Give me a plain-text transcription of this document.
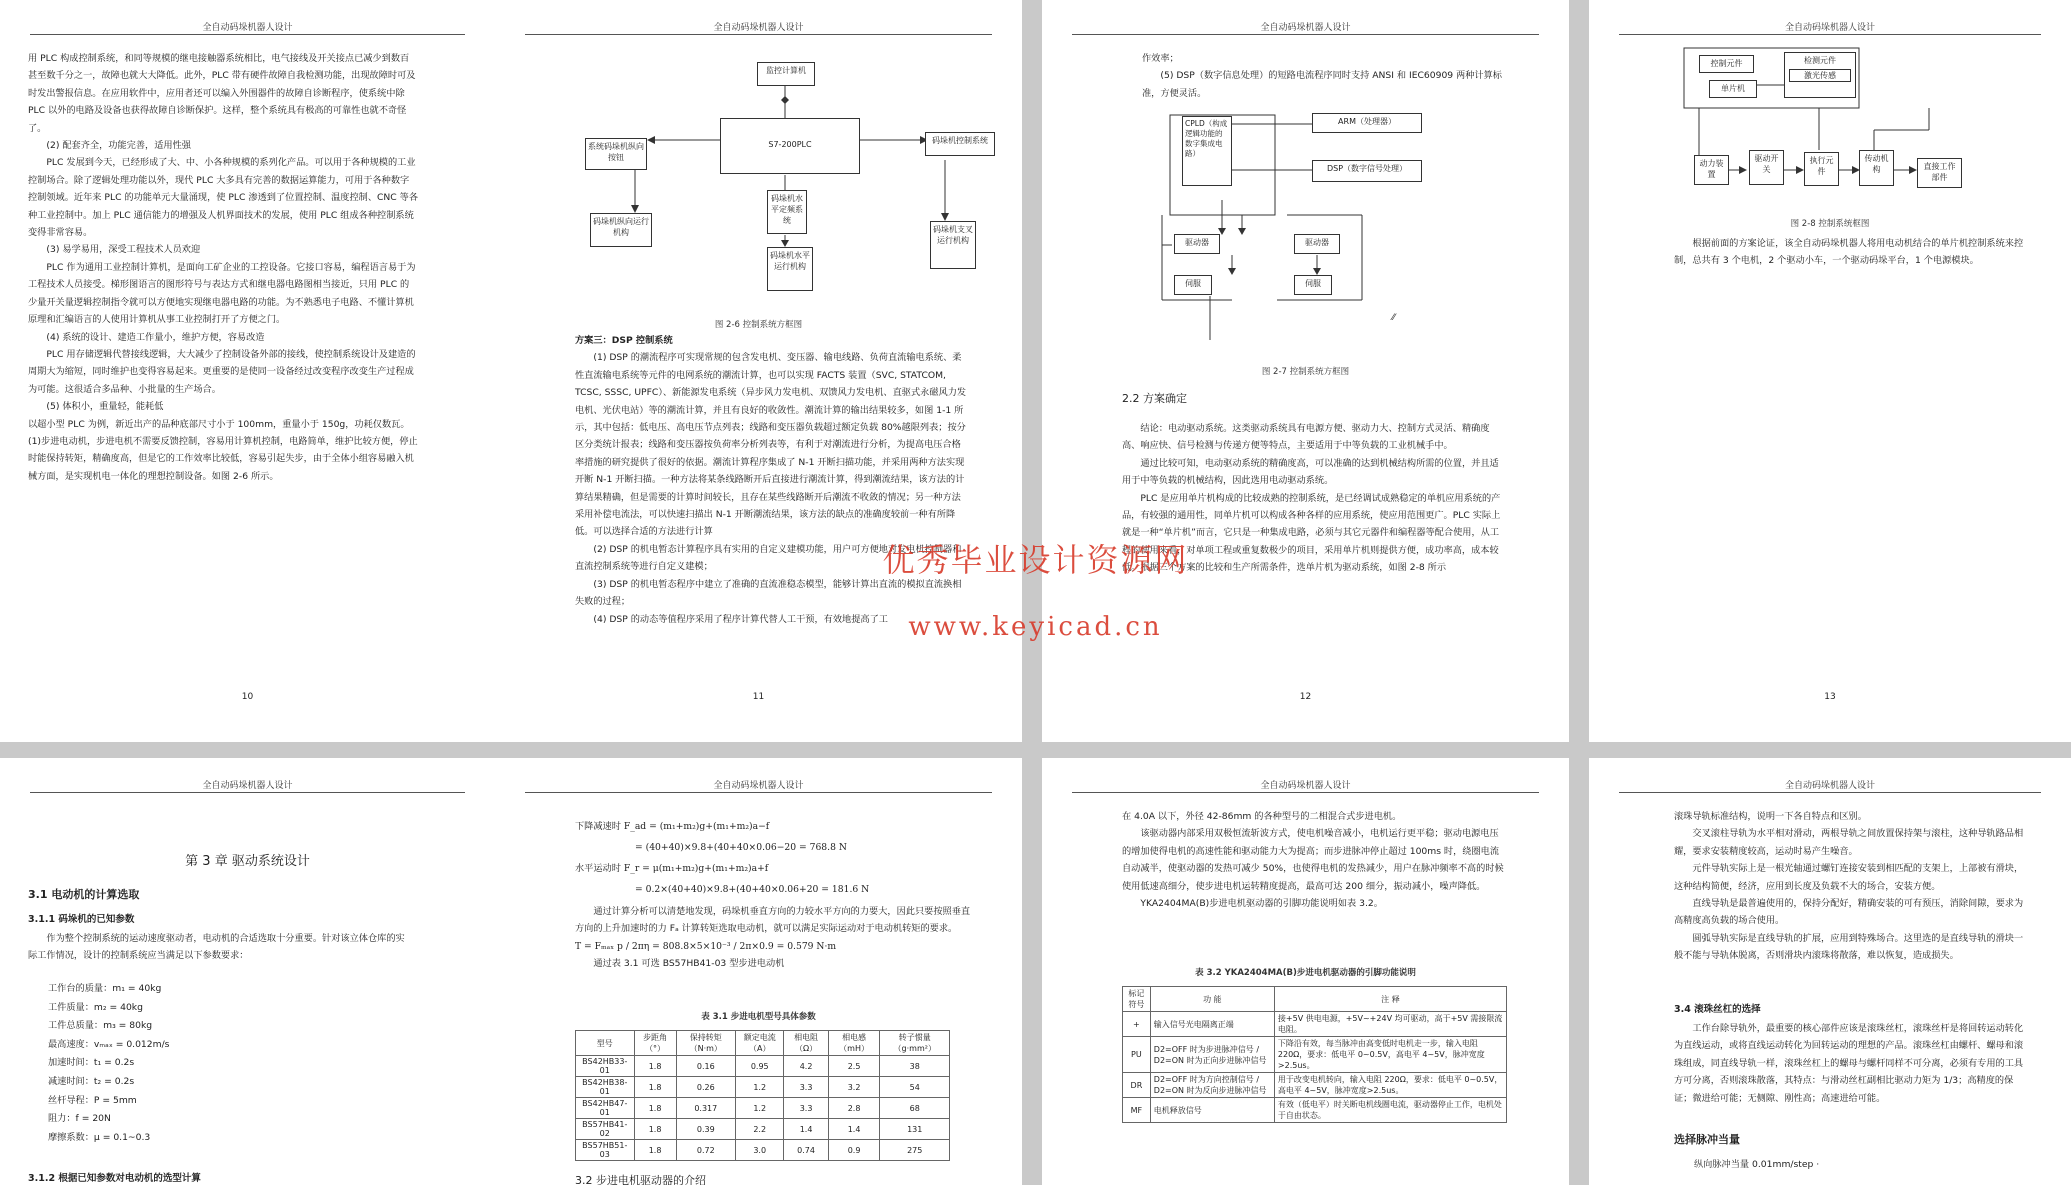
全自动码垛机器人设计

用 PLC 构成控制系统，和同等规模的继电接触器系统相比，电气接线及开关接点已减少到数百甚至数千分之一，故障也就大大降低。此外，PLC 带有硬件故障自我检测功能，出现故障时可及时发出警报信息。在应用软件中，应用者还可以编入外围器件的故障自诊断程序，使系统中除 PLC 以外的电路及设备也获得故障自诊断保护。这样，整个系统具有极高的可靠性也就不奇怪了。

(2) 配套齐全，功能完善，适用性强

PLC 发展到今天，已经形成了大、中、小各种规模的系列化产品。可以用于各种规模的工业控制场合。除了逻辑处理功能以外，现代 PLC 大多具有完善的数据运算能力，可用于各种数字控制领域。近年来 PLC 的功能单元大量涌现，使 PLC 渗透到了位置控制、温度控制、CNC 等各种工业控制中。加上 PLC 通信能力的增强及人机界面技术的发展，使用 PLC 组成各种控制系统变得非常容易。

(3) 易学易用，深受工程技术人员欢迎

PLC 作为通用工业控制计算机，是面向工矿企业的工控设备。它接口容易，编程语言易于为工程技术人员接受。梯形图语言的图形符号与表达方式和继电器电路图相当接近，只用 PLC 的少量开关量逻辑控制指令就可以方便地实现继电器电路的功能。为不熟悉电子电路、不懂计算机原理和汇编语言的人使用计算机从事工业控制打开了方便之门。

(4) 系统的设计、建造工作量小，维护方便，容易改造

PLC 用存储逻辑代替接线逻辑，大大减少了控制设备外部的接线，使控制系统设计及建造的周期大为缩短，同时维护也变得容易起来。更重要的是使同一设备经过改变程序改变生产过程成为可能。这很适合多品种、小批量的生产场合。

(5) 体积小，重量轻，能耗低

以超小型 PLC 为例，新近出产的品种底部尺寸小于 100mm，重量小于 150g，功耗仅数瓦。(1)步进电动机，步进电机不需要反馈控制，容易用计算机控制，电路简单，维护比较方便，停止时能保持转矩，精确度高，但是它的工作效率比较低，容易引起失步，由于全体小组容易融入机械方面，是实现机电一体化的理想控制设备。如图 2-6 所示。

10
全自动码垛机器人设计
监控计算机
S7-200PLC
系统码垛机纵向按钮
码垛机控制系统
码垛机纵向运行机构
码垛机水平定频系统
码垛机水平运行机构
码垛机支叉运行机构
图 2-6 控制系统方框图

方案三：DSP 控制系统

(1) DSP 的潮流程序可实现常规的包含发电机、变压器、输电线路、负荷直流输电系统、柔性直流输电系统等元件的电网系统的潮流计算，也可以实现 FACTS 装置（SVC, STATCOM, TCSC, SSSC, UPFC）、新能源发电系统（异步风力发电机、双馈风力发电机、直驱式永磁风力发电机、光伏电站）等的潮流计算，并且有良好的收敛性。潮流计算的输出结果较多，如图 1-1 所示，其中包括：低电压、高电压节点列表；线路和变压器负载超过额定负载 80%越限列表；按分区分类统计报表；线路和变压器按负荷率分析列表等，有利于对潮流进行分析，为提高电压合格率措施的研究提供了很好的依据。潮流计算程序集成了 N-1 开断扫描功能，并采用两种方法实现开断 N-1 开断扫描。一种方法将某条线路断开后直接进行潮流计算，得到潮流结果，该方法的计算结果精确，但是需要的计算时间较长，且存在某些线路断开后潮流不收敛的情况；另一种方法采用补偿电流法，可以快速扫描出 N-1 开断潮流结果，该方法的缺点的准确度较前一种有所降低。可以选择合适的方法进行计算

(2) DSP 的机电暂态计算程序具有实用的自定义建模功能，用户可方便地对发电机控制器和直流控制系统等进行自定义建模；

(3) DSP 的机电暂态程序中建立了准确的直流准稳态模型，能够计算出直流的模拟直流换相失败的过程；

(4) DSP 的动态等值程序采用了程序计算代替人工干预，有效地提高了工

11
全自动码垛机器人设计

作效率；

(5) DSP（数字信息处理）的短路电流程序同时支持 ANSI 和 IEC60909 两种计算标准，方便灵活。

⁄⁄
CPLD（构成逻辑功能的数字集成电路）
ARM（处理器）
DSP（数字信号处理）
驱动器	驱动器
伺服	伺服
图 2-7 控制系统方框图
2.2 方案确定

结论：电动驱动系统。这类驱动系统具有电源方便、驱动力大、控制方式灵活、精确度高、响应快、信号检测与传递方便等特点，主要适用于中等负载的工业机械手中。

通过比较可知，电动驱动系统的精确度高，可以准确的达到机械结构所需的位置，并且适用于中等负载的机械结构，因此选用电动驱动系统。

PLC 是应用单片机构成的比较成熟的控制系统，是已经调试成熟稳定的单机应用系统的产品，有较强的通用性，同单片机可以构成各种各样的应用系统，使应用范围更广。PLC 实际上就是一种“单片机”而言，它只是一种集成电路，必须与其它元器件和编程器等配合使用，从工程的使用来看，对单项工程或重复数极少的项目，采用单片机则提供方便，成功率高，成本较低。根据三个方案的比较和生产所需条件，选单片机为驱动系统，如图 2-8 所示

12
全自动码垛机器人设计
控制元件
单片机
检测元件
激光传感
动力装置
驱动开关
执行元件
传动机构	直接工作部件
图 2-8 控制系统框图

根据前面的方案论证，该全自动码垛机器人将用电动机结合的单片机控制系统来控制，总共有 3 个电机，2 个驱动小车，一个驱动码垛平台，1 个电源模块。

13
全自动码垛机器人设计
第 3 章 驱动系统设计
3.1 电动机的计算选取
3.1.1 码垛机的已知参数

作为整个控制系统的运动速度驱动者，电动机的合适选取十分重要。针对该立体仓库的实际工作情况，设计的控制系统应当满足以下参数要求：

工作台的质量：m₁ = 40kg
工件质量：m₂ = 40kg
工件总质量：m₃ = 80kg
最高速度：vₘₐₓ = 0.012m/s
加速时间：t₁ = 0.2s
减速时间：t₂ = 0.2s
丝杆导程：P = 5mm
阻力：f = 20N
摩擦系数：μ = 0.1~0.3
3.1.2 根据已知参数对电动机的选型计算
全自动码垛机器人设计
下降减速时 F_ad = (m₁+m₂)g+(m₁+m₂)a−f
= (40+40)×9.8+(40+40×0.06−20 = 768.8 N
水平运动时 F_r = μ(m₁+m₂)g+(m₁+m₂)a+f
= 0.2×(40+40)×9.8+(40+40×0.06+20 = 181.6 N

通过计算分析可以清楚地发现，码垛机垂直方向的力较水平方向的力要大，因此只要按照垂直方向的上升加速时的力 Fₐ 计算转矩选取电动机，就可以满足实际运动对于电动机转矩的要求。

T = Fₘₐₓ p / 2πη = 808.8×5×10⁻³ / 2π×0.9 = 0.579 N·m

通过表 3.1 可选 BS57HB41-03 型步进电动机

表 3.1 步进电机型号具体参数
型号	步距角（°）	保持转矩（N·m）	额定电流（A）	相电阻（Ω）	相电感（mH）	转子惯量（g·mm²）
BS42HB33-01	1.8	0.16	0.95	4.2	2.5	38
BS42HB38-01	1.8	0.26	1.2	3.3	3.2	54
BS42HB47-01	1.8	0.317	1.2	3.3	2.8	68
BS57HB41-02	1.8	0.39	2.2	1.4	1.4	131
BS57HB51-03	1.8	0.72	3.0	0.74	0.9	275
3.2 步进电机驱动器的介绍
全自动码垛机器人设计

在 4.0A 以下，外径 42-86mm 的各种型号的二相混合式步进电机。

该驱动器内部采用双极恒流斩波方式，使电机噪音减小，电机运行更平稳；驱动电源电压的增加使得电机的高速性能和驱动能力大为提高；而步进脉冲停止超过 100ms 时，绕圈电流自动减半，使驱动器的发热可减少 50%，也使得电机的发热减少，用户在脉冲频率不高的时候使用低速高细分，使步进电机运转精度提高，最高可达 200 细分，振动减小，噪声降低。

YKA2404MA(B)步进电机驱动器的引脚功能说明如表 3.2。

表 3.2 YKA2404MA(B)步进电机驱动器的引脚功能说明
标记符号	功 能	注 释
+	输入信号光电隔离正端	接+5V 供电电源，+5V~+24V 均可驱动，高于+5V 需接限流电阻。
PU	D2=OFF 时为步进脉冲信号 / D2=ON 时为正向步进脉冲信号	下降沿有效，每当脉冲由高变低时电机走一步，输入电阻 220Ω，要求：低电平 0~0.5V，高电平 4~5V，脉冲宽度>2.5us。
DR	D2=OFF 时为方向控制信号 / D2=ON 时为反向步进脉冲信号	用于改变电机转向，输入电阻 220Ω，要求：低电平 0~0.5V，高电平 4~5V，脉冲宽度>2.5us。
MF	电机释放信号	有效（低电平）时关断电机线圈电流，驱动器停止工作，电机处于自由状态。
全自动码垛机器人设计

滚珠导轨标准结构，说明一下各自特点和区别。

交叉滚柱导轨为水平相对滑动，两根导轨之间放置保持架与滚柱，这种导轨路品相耀，要求安装精度较高，运动时易产生噪音。

元件导轨实际上是一根光轴通过螺钉连接安装到相匹配的支架上，上部被有滑块，这种结构简便，经济，应用到长度及负载不大的场合，安装方便。

直线导轨是最普遍使用的，保持分配好，精确安装的可有预压，消除间隙，要求为高精度高负载的场合使用。

圆弧导轨实际是直线导轨的扩展，应用到特殊场合。这里选的是直线导轨的滑块一般不能与导轨体脱离，否则滑块内滚珠将散落，难以恢复，造成损失。

3.4 滚珠丝杠的选择

工作台除导轨外，最重要的核心部件应该是滚珠丝杠，滚珠丝杆是将回转运动转化为直线运动，或将直线运动转化为回转运动的理想的产品。滚珠丝杠由螺杆、螺母和滚珠组成，同直线导轨一样，滚珠丝杠上的螺母与螺杆同样不可分离，必须有专用的工具方可分离，否则滚珠散落，其特点：与滑动丝杠副相比驱动力矩为 1/3；高精度的保证；微进给可能；无侧隙、刚性高；高速进给可能。

选择脉冲当量
纵向脉冲当量 0.01mm/step ·
优秀毕业设计资源网
www.keyicad.cn
